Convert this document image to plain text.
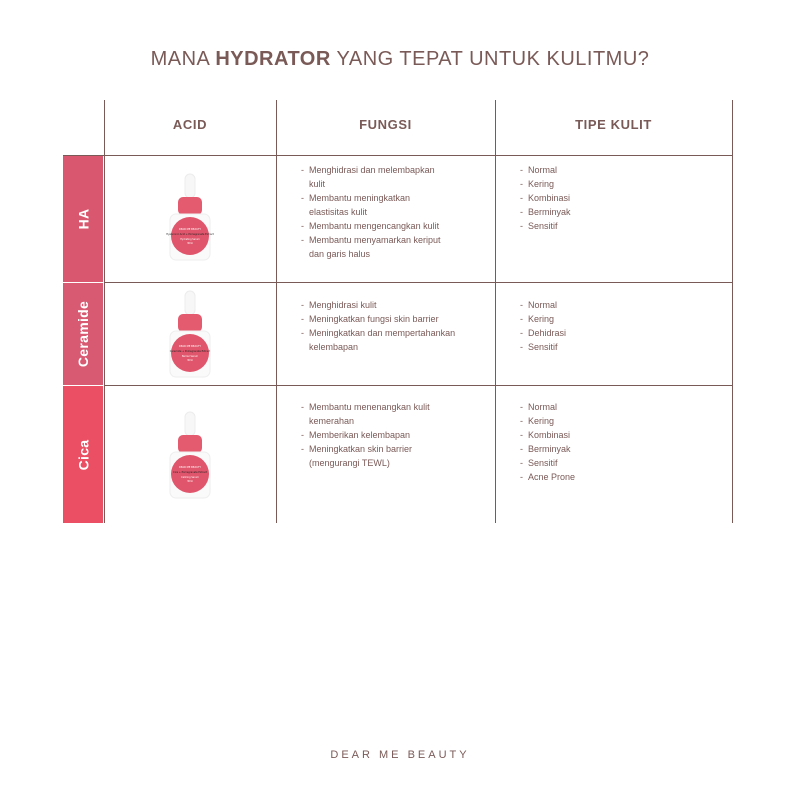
MANA HYDRATOR YANG TEPAT UNTUK KULITMU?
ACID	FUNGSI	TIPE KULIT
HA
Ceramide
Cica
DEAR ME BEAUTY
Hyaluronic Acid + Pomegranate Extract
Hydrating Serum
30ml
DEAR ME BEAUTY
Ceramide + Pomegranate Extract
Barrier Serum
30ml
DEAR ME BEAUTY
Cica + Pomegranate Extract
Calming Serum
30ml
- Menghidrasi dan melembapkan kulit
- Membantu meningkatkan elastisitas kulit
- Membantu mengencangkan kulit
- Membantu menyamarkan keriput dan garis halus
- Menghidrasi kulit
- Meningkatkan fungsi skin barrier
- Meningkatkan dan mempertahankan kelembapan
- Membantu menenangkan kulit kemerahan
- Memberikan kelembapan
- Meningkatkan skin barrier (mengurangi TEWL)
- Normal
- Kering
- Kombinasi
- Berminyak
- Sensitif
- Normal
- Kering
- Dehidrasi
- Sensitif
- Normal
- Kering
- Kombinasi
- Berminyak
- Sensitif
- Acne Prone
DEAR ME BEAUTY
